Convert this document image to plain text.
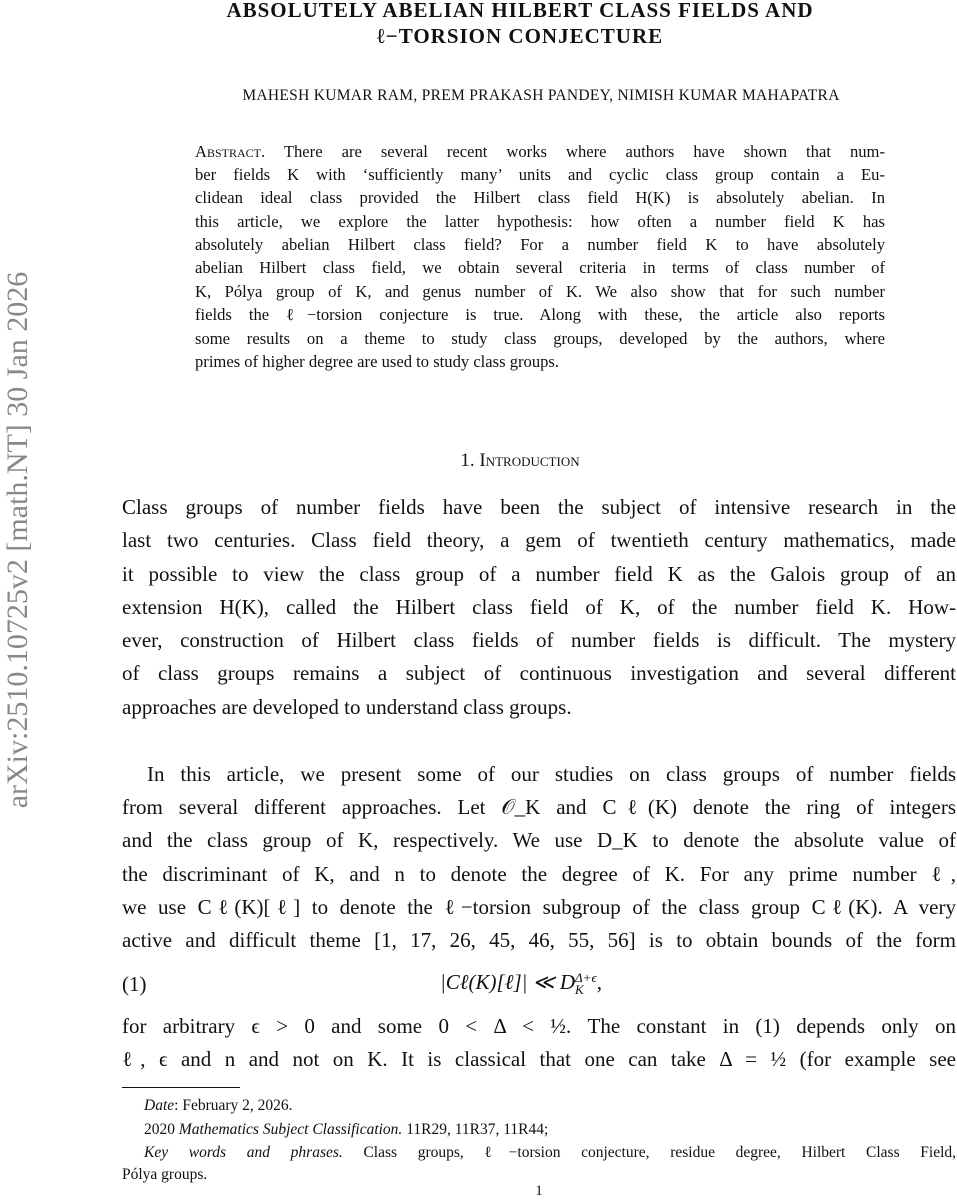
arXiv:2510.10725v2 [math.NT] 30 Jan 2026
ABSOLUTELY ABELIAN HILBERT CLASS FIELDS AND
ℓ−TORSION CONJECTURE
MAHESH KUMAR RAM, PREM PRAKASH PANDEY, NIMISH KUMAR MAHAPATRA
1. Introduction
(1)	|Cℓ(K)[ℓ]| ≪ D Δ+ϵ
K ,
Date: February 2, 2026.
2020 Mathematics Subject Classification. 11R29, 11R37, 11R44;
Key words and phrases. Class groups, ℓ−torsion conjecture, residue degree, Hilbert Class Field,
Pólya groups.
1
Abstract. There are several recent works where authors have shown that num-
ber fields K with ‘sufficiently many’ units and cyclic class group contain a Eu-
clidean ideal class provided the Hilbert class field H(K) is absolutely abelian. In
this article, we explore the latter hypothesis: how often a number field K has
absolutely abelian Hilbert class field? For a number field K to have absolutely
abelian Hilbert class field, we obtain several criteria in terms of class number of
K, Pólya group of K, and genus number of K. We also show that for such number
fields the ℓ−torsion conjecture is true. Along with these, the article also reports
some results on a theme to study class groups, developed by the authors, where
primes of higher degree are used to study class groups.
Class groups of number fields have been the subject of intensive research in the
last two centuries. Class field theory, a gem of twentieth century mathematics, made
it possible to view the class group of a number field K as the Galois group of an
extension H(K), called the Hilbert class field of K, of the number field K. How-
ever, construction of Hilbert class fields of number fields is difficult. The mystery
of class groups remains a subject of continuous investigation and several different
approaches are developed to understand class groups.
In this article, we present some of our studies on class groups of number fields
from several different approaches. Let 𝒪_K and Cℓ(K) denote the ring of integers
and the class group of K, respectively. We use D_K to denote the absolute value of
the discriminant of K, and n to denote the degree of K. For any prime number ℓ,
we use Cℓ(K)[ℓ] to denote the ℓ−torsion subgroup of the class group Cℓ(K). A very
active and difficult theme [1, 17, 26, 45, 46, 55, 56] is to obtain bounds of the form
for arbitrary ϵ > 0 and some 0 < Δ < ½. The constant in (1) depends only on
ℓ, ϵ and n and not on K. It is classical that one can take Δ = ½ (for example see
